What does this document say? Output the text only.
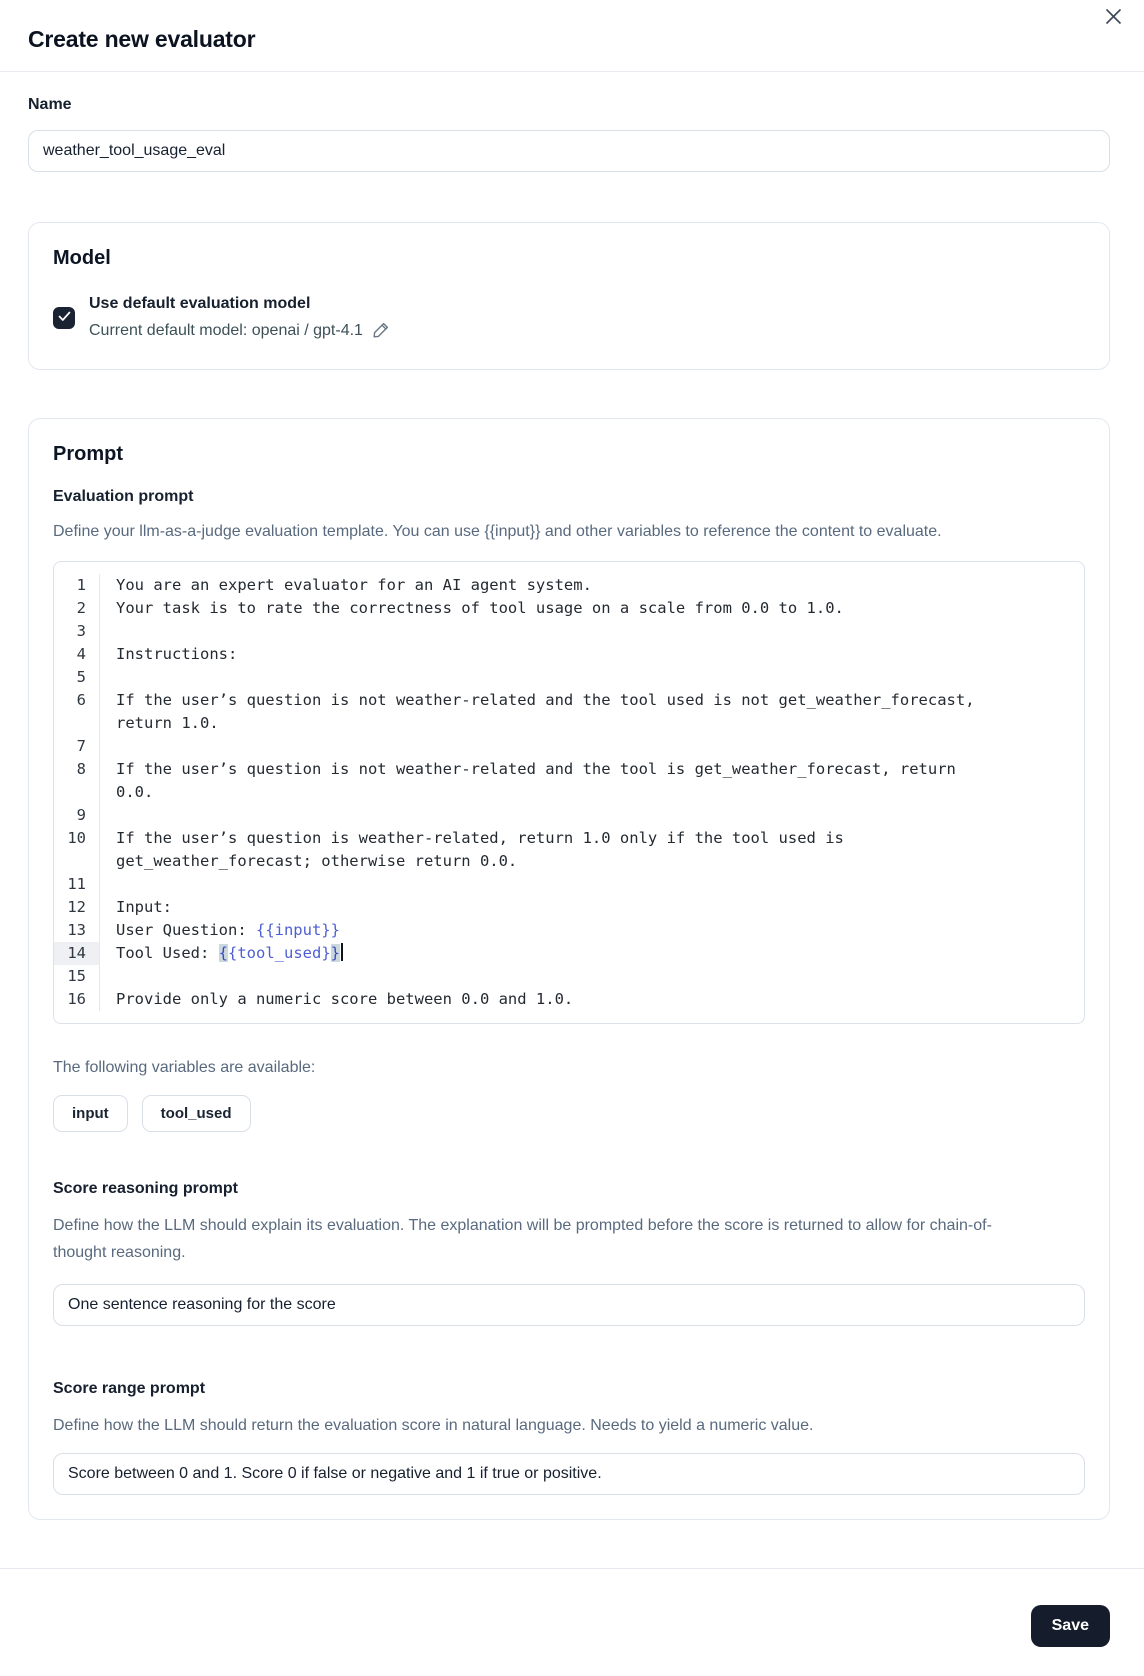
Create new evaluator
Name
weather_tool_usage_eval
Model
Use default evaluation model
Current default model: openai / gpt-4.1
Prompt
Evaluation prompt

Define your llm-as-a-judge evaluation template. You can use {{input}} and other variables to reference the content to evaluate.

1	You are an expert evaluator for an AI agent system.
2	Your task is to rate the correctness of tool usage on a scale from 0.0 to 1.0.
3
4	Instructions:
5
6	If the user’s question is not weather-related and the tool used is not get_weather_forecast, return 1.0.
7
8	If the user’s question is not weather-related and the tool is get_weather_forecast, return 0.0.
9
10	If the user’s question is weather-related, return 1.0 only if the tool used is get_weather_forecast; otherwise return 0.0.
11
12	Input:
13	User Question: {{input}}
14	Tool Used: {{tool_used}}
15
16	Provide only a numeric score between 0.0 and 1.0.
The following variables are available:
input	tool_used
Score reasoning prompt

Define how the LLM should explain its evaluation. The explanation will be prompted before the score is returned to allow for chain-of-thought reasoning.

One sentence reasoning for the score
Score range prompt

Define how the LLM should return the evaluation score in natural language. Needs to yield a numeric value.

Score between 0 and 1. Score 0 if false or negative and 1 if true or positive.
Save
